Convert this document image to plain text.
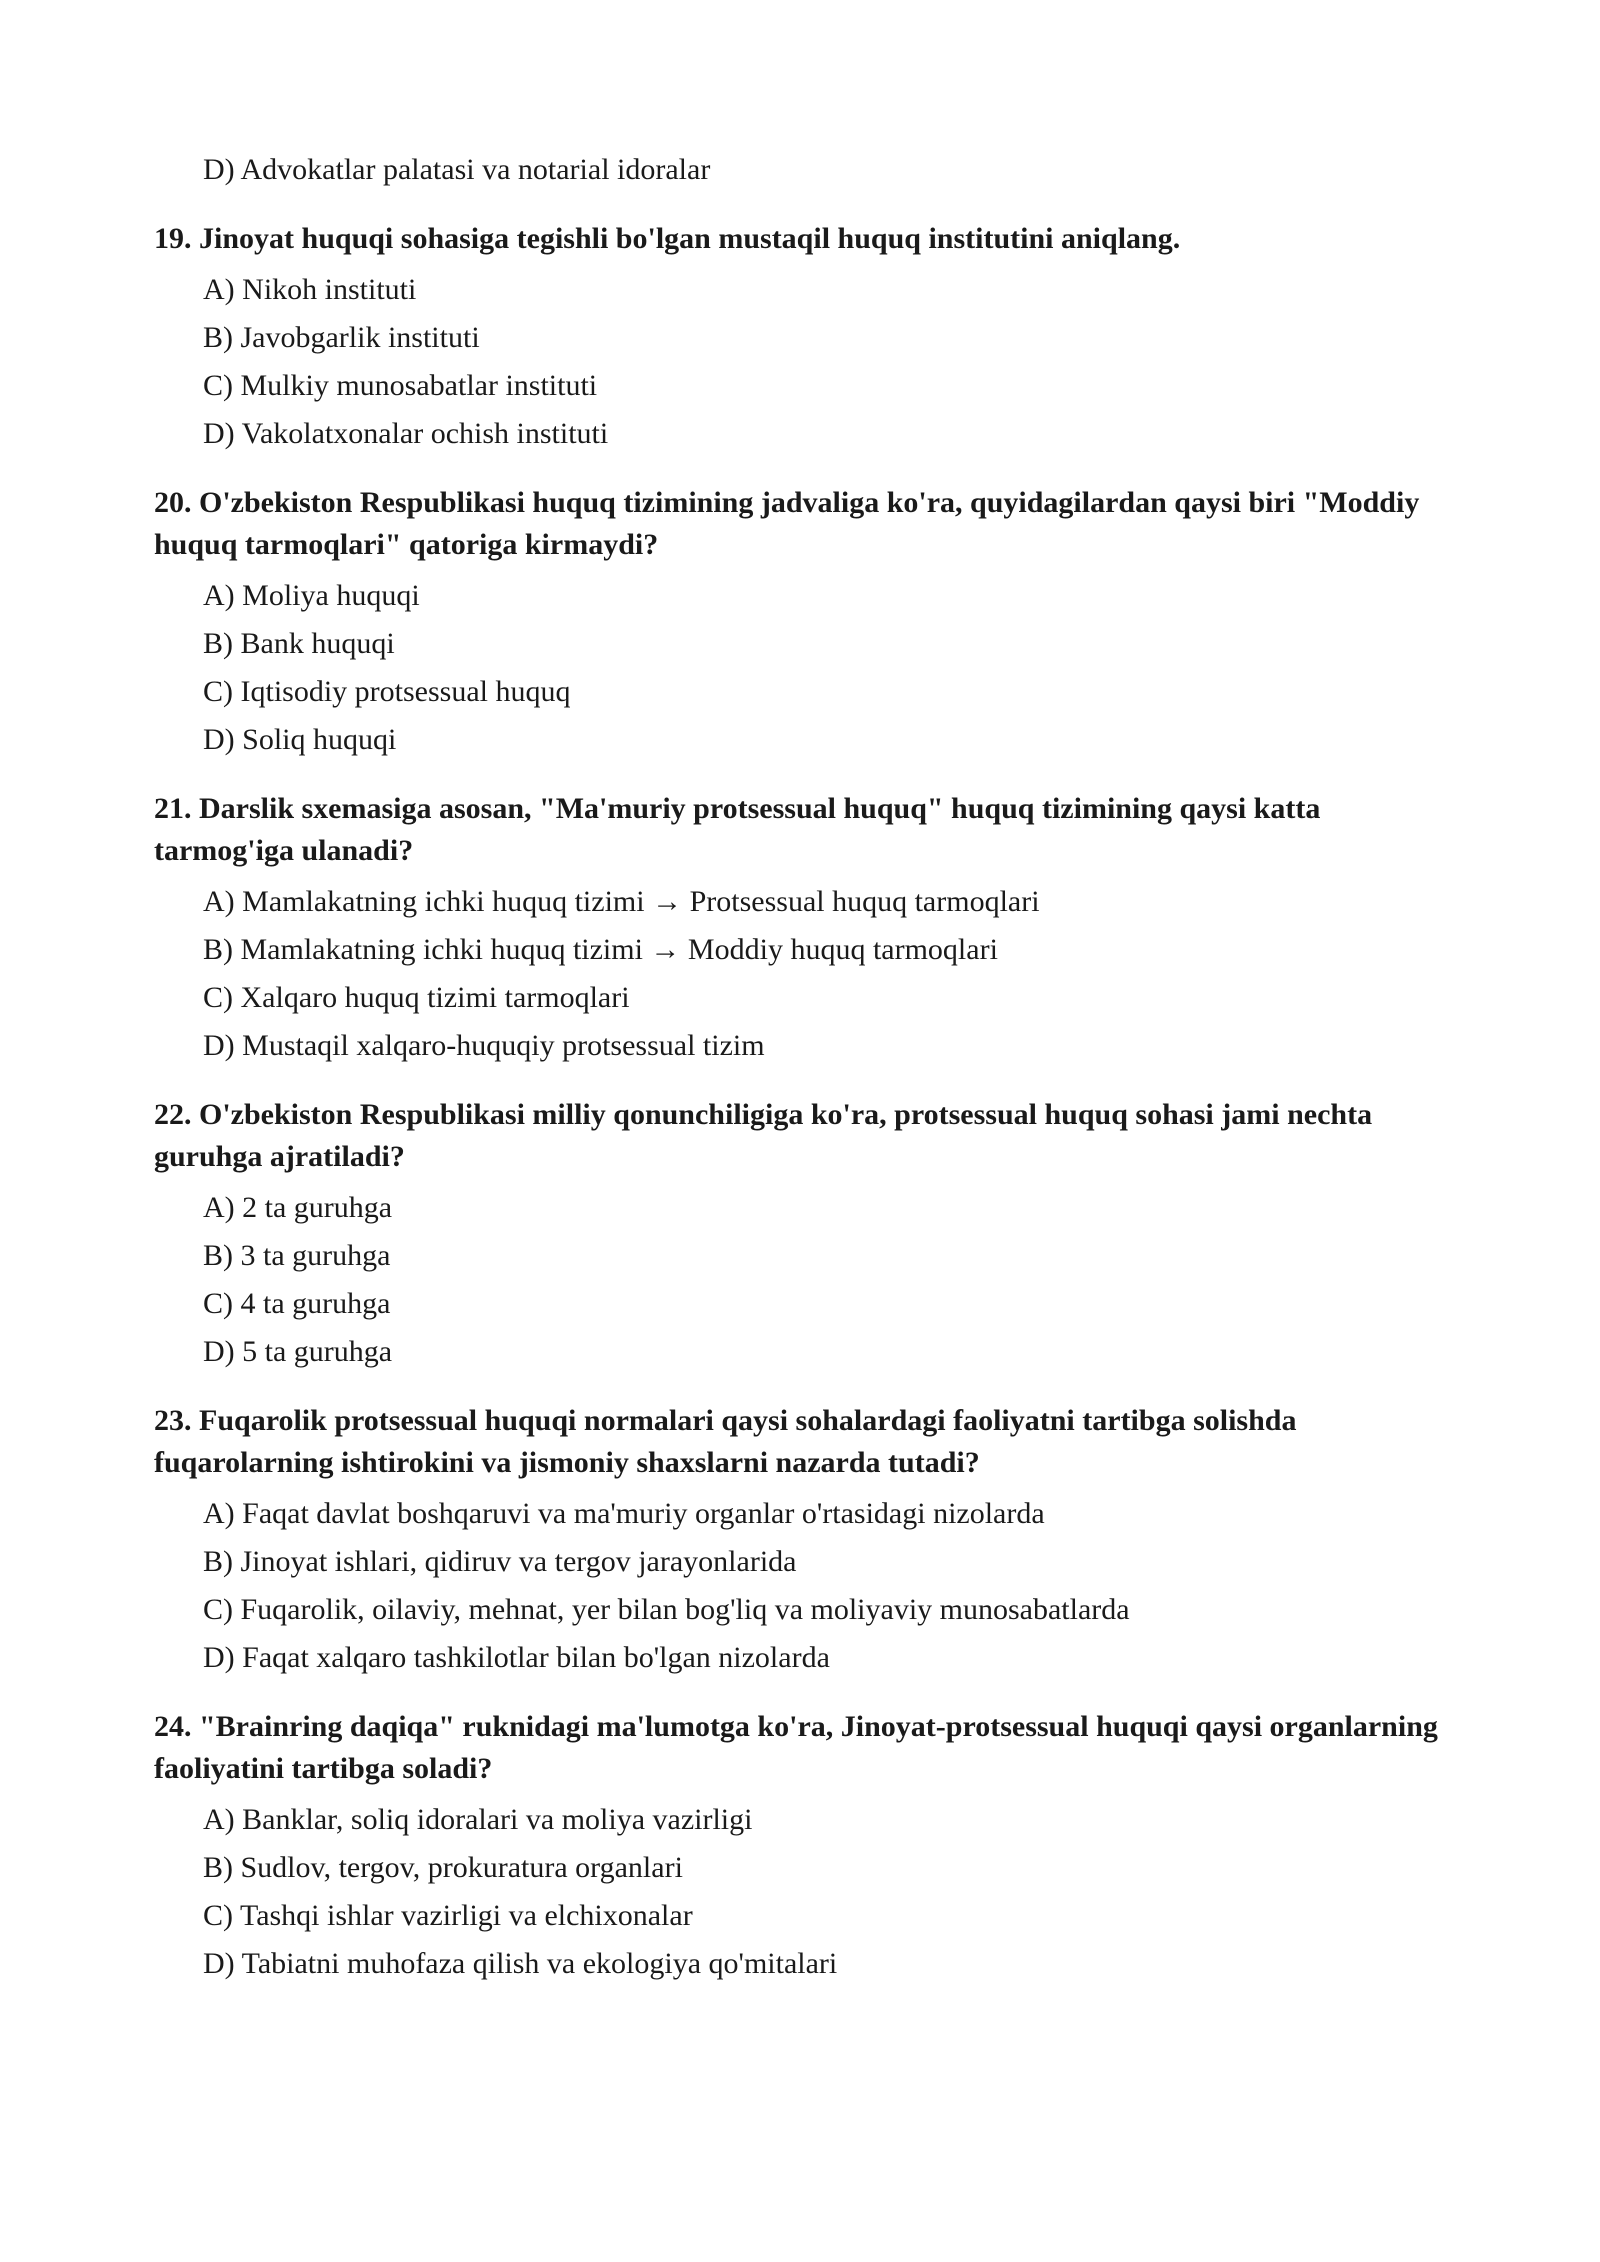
D) Advokatlar palatasi va notarial idoralar
19. Jinoyat huquqi sohasiga tegishli bo'lgan mustaqil huquq institutini aniqlang.
A) Nikoh instituti
B) Javobgarlik instituti
C) Mulkiy munosabatlar instituti
D) Vakolatxonalar ochish instituti
20. O'zbekiston Respublikasi huquq tizimining jadvaliga ko'ra, quyidagilardan qaysi biri "Moddiy huquq tarmoqlari" qatoriga kirmaydi?
A) Moliya huquqi
B) Bank huquqi
C) Iqtisodiy protsessual huquq
D) Soliq huquqi
21. Darslik sxemasiga asosan, "Ma'muriy protsessual huquq" huquq tizimining qaysi katta tarmog'iga ulanadi?
A) Mamlakatning ichki huquq tizimi → Protsessual huquq tarmoqlari
B) Mamlakatning ichki huquq tizimi → Moddiy huquq tarmoqlari
C) Xalqaro huquq tizimi tarmoqlari
D) Mustaqil xalqaro-huquqiy protsessual tizim
22. O'zbekiston Respublikasi milliy qonunchiligiga ko'ra, protsessual huquq sohasi jami nechta guruhga ajratiladi?
A) 2 ta guruhga
B) 3 ta guruhga
C) 4 ta guruhga
D) 5 ta guruhga
23. Fuqarolik protsessual huquqi normalari qaysi sohalardagi faoliyatni tartibga solishda fuqarolarning ishtirokini va jismoniy shaxslarni nazarda tutadi?
A) Faqat davlat boshqaruvi va ma'muriy organlar o'rtasidagi nizolarda
B) Jinoyat ishlari, qidiruv va tergov jarayonlarida
C) Fuqarolik, oilaviy, mehnat, yer bilan bog'liq va moliyaviy munosabatlarda
D) Faqat xalqaro tashkilotlar bilan bo'lgan nizolarda
24. "Brainring daqiqa" ruknidagi ma'lumotga ko'ra, Jinoyat-protsessual huquqi qaysi organlarning faoliyatini tartibga soladi?
A) Banklar, soliq idoralari va moliya vazirligi
B) Sudlov, tergov, prokuratura organlari
C) Tashqi ishlar vazirligi va elchixonalar
D) Tabiatni muhofaza qilish va ekologiya qo'mitalari
